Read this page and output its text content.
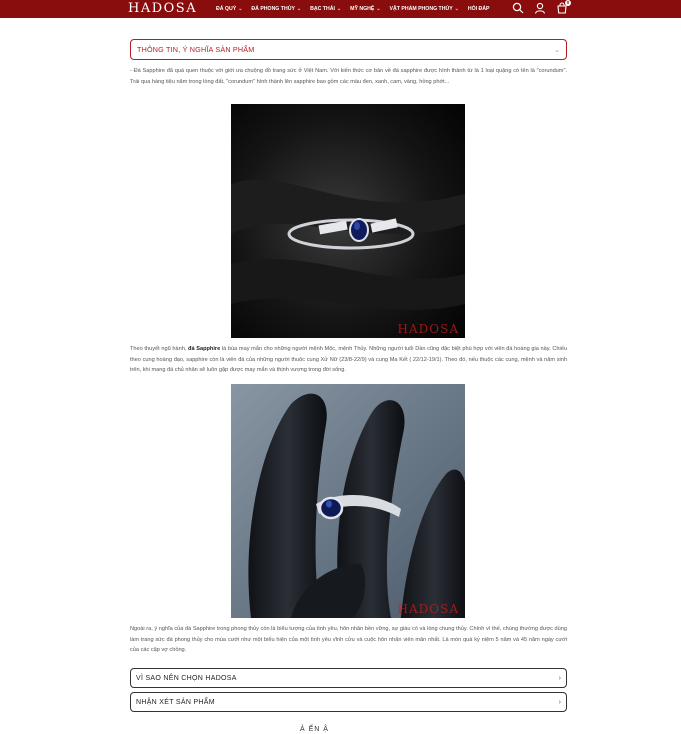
HADOSA	ĐÁ QUÝ ⌄ ĐÁ PHONG THỦY ⌄ BẠC THÁI ⌄ MỸ NGHỆ ⌄ VẬT PHẨM PHONG THỦY ⌄ HỎI ĐÁP
0
THÔNG TIN, Ý NGHĨA SẢN PHẨM	⌄

- Đá Sapphire đã quá quen thuộc với giới ưa chuộng đồ trang sức ở Việt Nam. Với kiến thức cơ bản về đá sapphire được hình thành từ là 1 loại quặng có tên là "corundum". Trái qua hàng tiệu năm trong lòng đất, "corundum" hình thành lên sapphire bao gồm các màu đen, xanh, cam, vàng, hồng phớt...

HADOSA

Theo thuyết ngũ hành, đá Sapphire là bùa may mắn cho những người mệnh Mộc, mệnh Thủy. Những người tuổi Dần cũng đặc biệt phù hợp với viên đá hoàng gia này. Chiếu theo cung hoàng đạo, sapphire còn là viên đá của những người thuộc cung Xử Nữ (23/8-22/9) và cung Ma Kết ( 22/12-19/1). Theo đó, nếu thuộc các cung, mệnh và năm sinh trên, khi mang đá chủ nhân sẽ luôn gặp được may mắn và thịnh vượng trong đời sống.

HADOSA

Ngoài ra, ý nghĩa của đá Sapphire trong phong thủy còn là biểu tượng của tình yêu, hôn nhân bền vững, sự giàu có và lòng chung thủy. Chính vì thế, chúng thường được dùng làm trang sức đá phong thủy cho mùa cưới như một biểu hiện của một tình yêu vĩnh cửu và cuộc hôn nhân viên mãn nhất. Là món quà kỷ niệm 5 năm và 45 năm ngày cưới của các cặp vợ chồng.

VÌ SAO NÊN CHỌN HADOSA	›
NHẬN XÉT SẢN PHẨM	›
Ả ẾN Ậ
